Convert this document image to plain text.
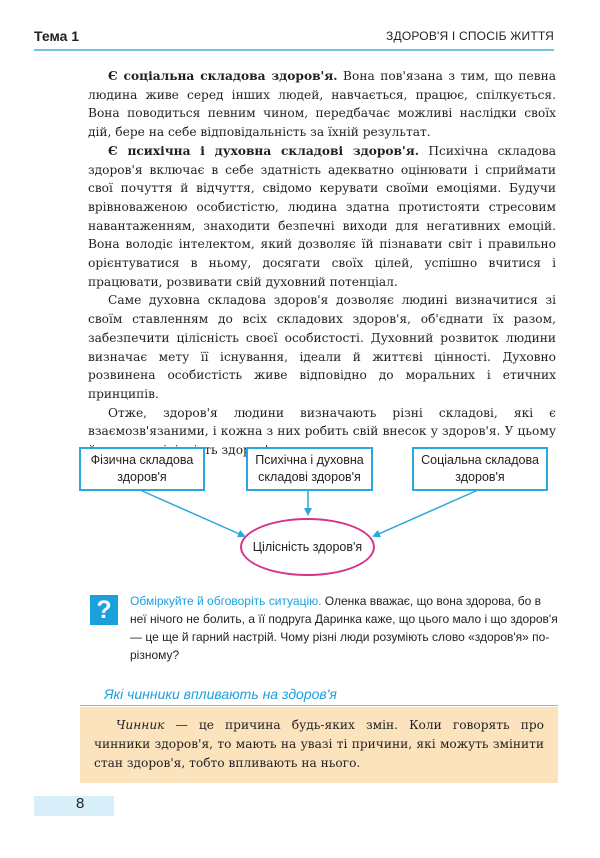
Тема 1	ЗДОРОВ'Я І СПОСІБ ЖИТТЯ

Є соціальна складова здоров'я. Вона пов'язана з тим, що певна людина живе серед інших людей, навчається, працює, спілкується. Вона поводиться певним чином, передбачає можливі наслідки своїх дій, бере на себе відповідальність за їхній результат.

Є психічна і духовна складові здоров'я. Психічна складова здоров'я включає в себе здатність адекватно оцінювати і сприймати свої почуття й відчуття, свідомо керувати своїми емоціями. Будучи врівноваженою особистістю, людина здатна протистояти стресовим навантаженням, знаходити безпечні виходи для негативних емоцій. Вона володіє інтелектом, який дозволяє їй пізнавати світ і правильно орієнтуватися в ньому, досягати своїх цілей, успішно вчитися і працювати, розвивати свій духовний потенціал.

Саме духовна складова здоров'я дозволяє людині визначитися зі своїм ставленням до всіх складових здоров'я, об'єднати їх разом, забезпечити цілісність своєї особистості. Духовний розвиток людини визначає мету її існування, ідеали й життєві цінності. Духовно розвинена особистість живе відповідно до моральних і етичних принципів.

Отже, здоров'я людини визначають різні складові, які є взаємозв'язаними, і кожна з них робить свій внесок у здоров'я. У цьому

Фізична складова здоров'я
Психічна і духовна складові здоров'я
Соціальна складова здоров'я
Цілісність здоров'я
?	Обміркуйте й обговоріть ситуацію. Оленка вважає, що вона здорова, бо в неї нічого не болить, а її подруга Даринка каже, що цього мало і що здоров'я — це ще й гарний настрій. Чому різні люди розуміють слово «здоров'я» по-різному?
Які чинники впливають на здоров'я

Чинник — це причина будь-яких змін. Коли говорять про чинники здоров'я, то мають на увазі ті причини, які можуть змінити стан здоров'я, тобто впливають на нього.

8
